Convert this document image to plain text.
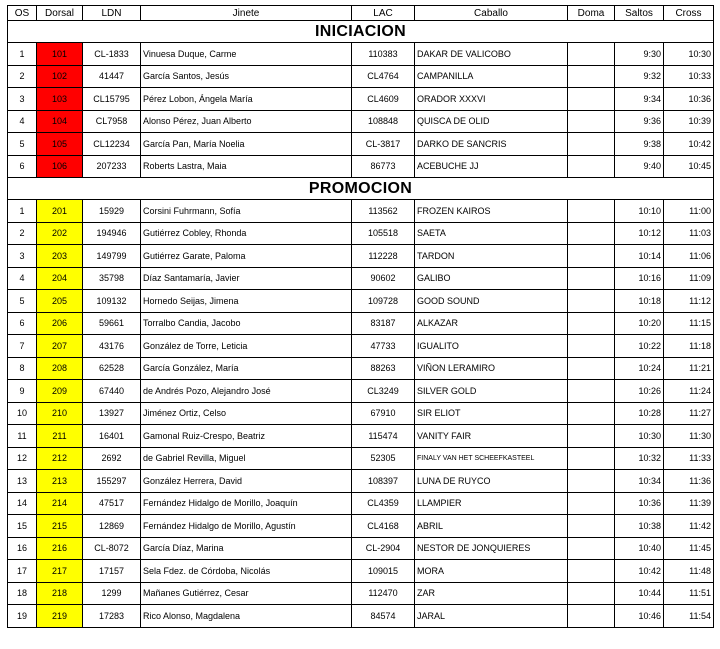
OS	Dorsal	LDN	Jinete	LAC	Caballo	Doma	Saltos	Cross
INICIACION								
1	101	CL-1833	Vinuesa Duque, Carme	110383	DAKAR DE VALICOBO		9:30	10:30
2	102	41447	García Santos, Jesús	CL4764	CAMPANILLA		9:32	10:33
3	103	CL15795	Pérez Lobon, Ángela María	CL4609	ORADOR XXXVI		9:34	10:36
4	104	CL7958	Alonso Pérez, Juan Alberto	108848	QUISCA DE OLID		9:36	10:39
5	105	CL12234	García Pan, María Noelia	CL-3817	DARKO DE SANCRIS		9:38	10:42
6	106	207233	Roberts Lastra, Maia	86773	ACEBUCHE JJ		9:40	10:45
PROMOCION								
1	201	15929	Corsini Fuhrmann, Sofía	113562	FROZEN KAIROS		10:10	11:00
2	202	194946	Gutiérrez Cobley, Rhonda	105518	SAETA		10:12	11:03
3	203	149799	Gutiérrez Garate, Paloma	112228	TARDON		10:14	11:06
4	204	35798	Díaz Santamaría, Javier	90602	GALIBO		10:16	11:09
5	205	109132	Hornedo Seijas, Jimena	109728	GOOD SOUND		10:18	11:12
6	206	59661	Torralbo Candia, Jacobo	83187	ALKAZAR		10:20	11:15
7	207	43176	González de Torre, Leticia	47733	IGUALITO		10:22	11:18
8	208	62528	García González, María	88263	VIÑON LERAMIRO		10:24	11:21
9	209	67440	de Andrés Pozo, Alejandro José	CL3249	SILVER GOLD		10:26	11:24
10	210	13927	Jiménez Ortiz, Celso	67910	SIR ELIOT		10:28	11:27
11	211	16401	Gamonal Ruiz-Crespo, Beatriz	115474	VANITY FAIR		10:30	11:30
12	212	2692	de Gabriel Revilla, Miguel	52305	FINALY VAN HET SCHEEFKASTEEL		10:32	11:33
13	213	155297	González Herrera, David	108397	LUNA DE RUYCO		10:34	11:36
14	214	47517	Fernández Hidalgo de Morillo, Joaquín	CL4359	LLAMPIER		10:36	11:39
15	215	12869	Fernández Hidalgo de Morillo, Agustín	CL4168	ABRIL		10:38	11:42
16	216	CL-8072	García Díaz, Marina	CL-2904	NESTOR DE JONQUIERES		10:40	11:45
17	217	17157	Sela Fdez. de Córdoba, Nicolás	109015	MORA		10:42	11:48
18	218	1299	Mañanes Gutiérrez, Cesar	112470	ZAR		10:44	11:51
19	219	17283	Rico Alonso, Magdalena	84574	JARAL		10:46	11:54
